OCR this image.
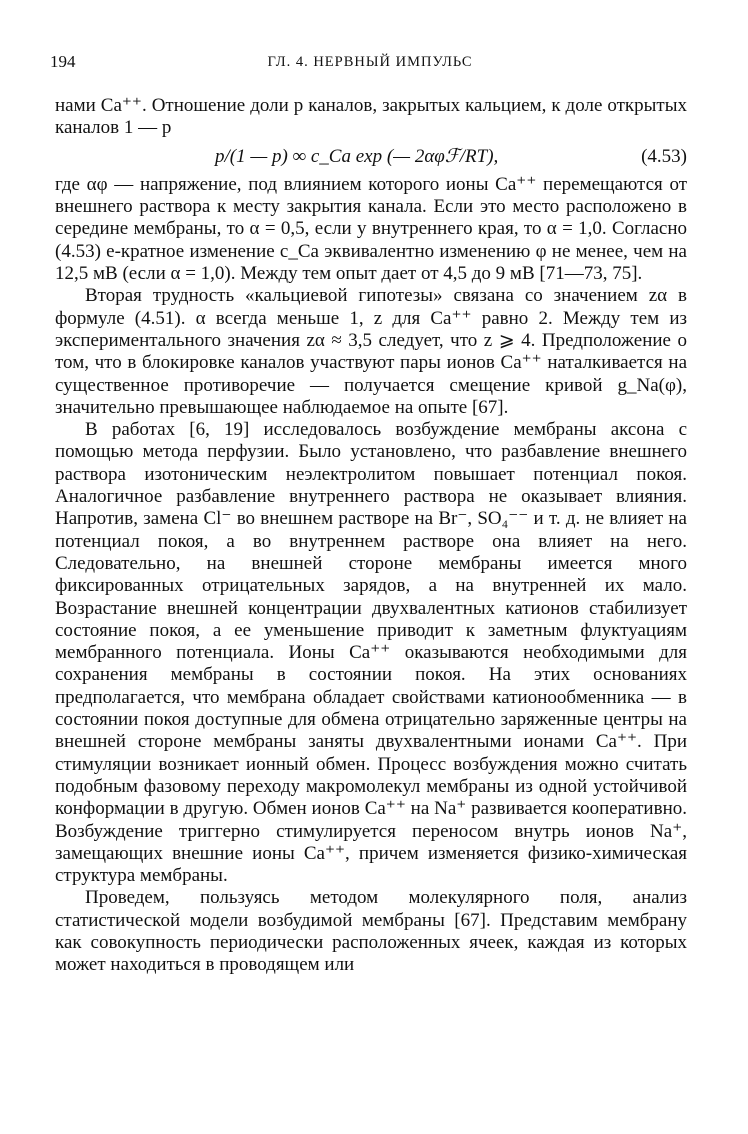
194	ГЛ. 4. НЕРВНЫЙ ИМПУЛЬС

нами Ca⁺⁺. Отношение доли p каналов, закрытых кальцием, к доле открытых каналов 1 — p

p/(1 — p) ∞ c_Ca exp (— 2αφℱ/RT),	(4.53)

где αφ — напряжение, под влиянием которого ионы Ca⁺⁺ перемещаются от внешнего раствора к месту закрытия канала. Если это место расположено в середине мембраны, то α = 0,5, если у внутреннего края, то α = 1,0. Согласно (4.53) e-кратное изменение c_Ca эквивалентно изменению φ не менее, чем на 12,5 мВ (если α = 1,0). Между тем опыт дает от 4,5 до 9 мВ [71—73, 75].

Вторая трудность «кальциевой гипотезы» связана со значением zα в формуле (4.51). α всегда меньше 1, z для Ca⁺⁺ равно 2. Между тем из экспериментального значения zα ≈ 3,5 следует, что z ⩾ 4. Предположение о том, что в блокировке каналов участвуют пары ионов Ca⁺⁺ наталкивается на существенное противоречие — получается смещение кривой g_Na(φ), значительно превышающее наблюдаемое на опыте [67].

В работах [6, 19] исследовалось возбуждение мембраны аксона с помощью метода перфузии. Было установлено, что разбавление внешнего раствора изотоническим неэлектролитом повышает потенциал покоя. Аналогичное разбавление внутреннего раствора не оказывает влияния. Напротив, замена Cl⁻ во внешнем растворе на Br⁻, SO₄⁻⁻ и т. д. не влияет на потенциал покоя, а во внутреннем растворе она влияет на него. Следовательно, на внешней стороне мембраны имеется много фиксированных отрицательных зарядов, а на внутренней их мало. Возрастание внешней концентрации двухвалентных катионов стабилизует состояние покоя, а ее уменьшение приводит к заметным флуктуациям мембранного потенциала. Ионы Ca⁺⁺ оказываются необходимыми для сохранения мембраны в состоянии покоя. На этих основаниях предполагается, что мембрана обладает свойствами катионообменника — в состоянии покоя доступные для обмена отрицательно заряженные центры на внешней стороне мембраны заняты двухвалентными ионами Ca⁺⁺. При стимуляции возникает ионный обмен. Процесс возбуждения можно считать подобным фазовому переходу макромолекул мембраны из одной устойчивой конформации в другую. Обмен ионов Ca⁺⁺ на Na⁺ развивается кооперативно. Возбуждение триггерно стимулируется переносом внутрь ионов Na⁺, замещающих внешние ионы Ca⁺⁺, причем изменяется физико-химическая структура мембраны.

Проведем, пользуясь методом молекулярного поля, анализ статистической модели возбудимой мембраны [67]. Представим мембрану как совокупность периодически расположенных ячеек, каждая из которых может находиться в проводящем или
